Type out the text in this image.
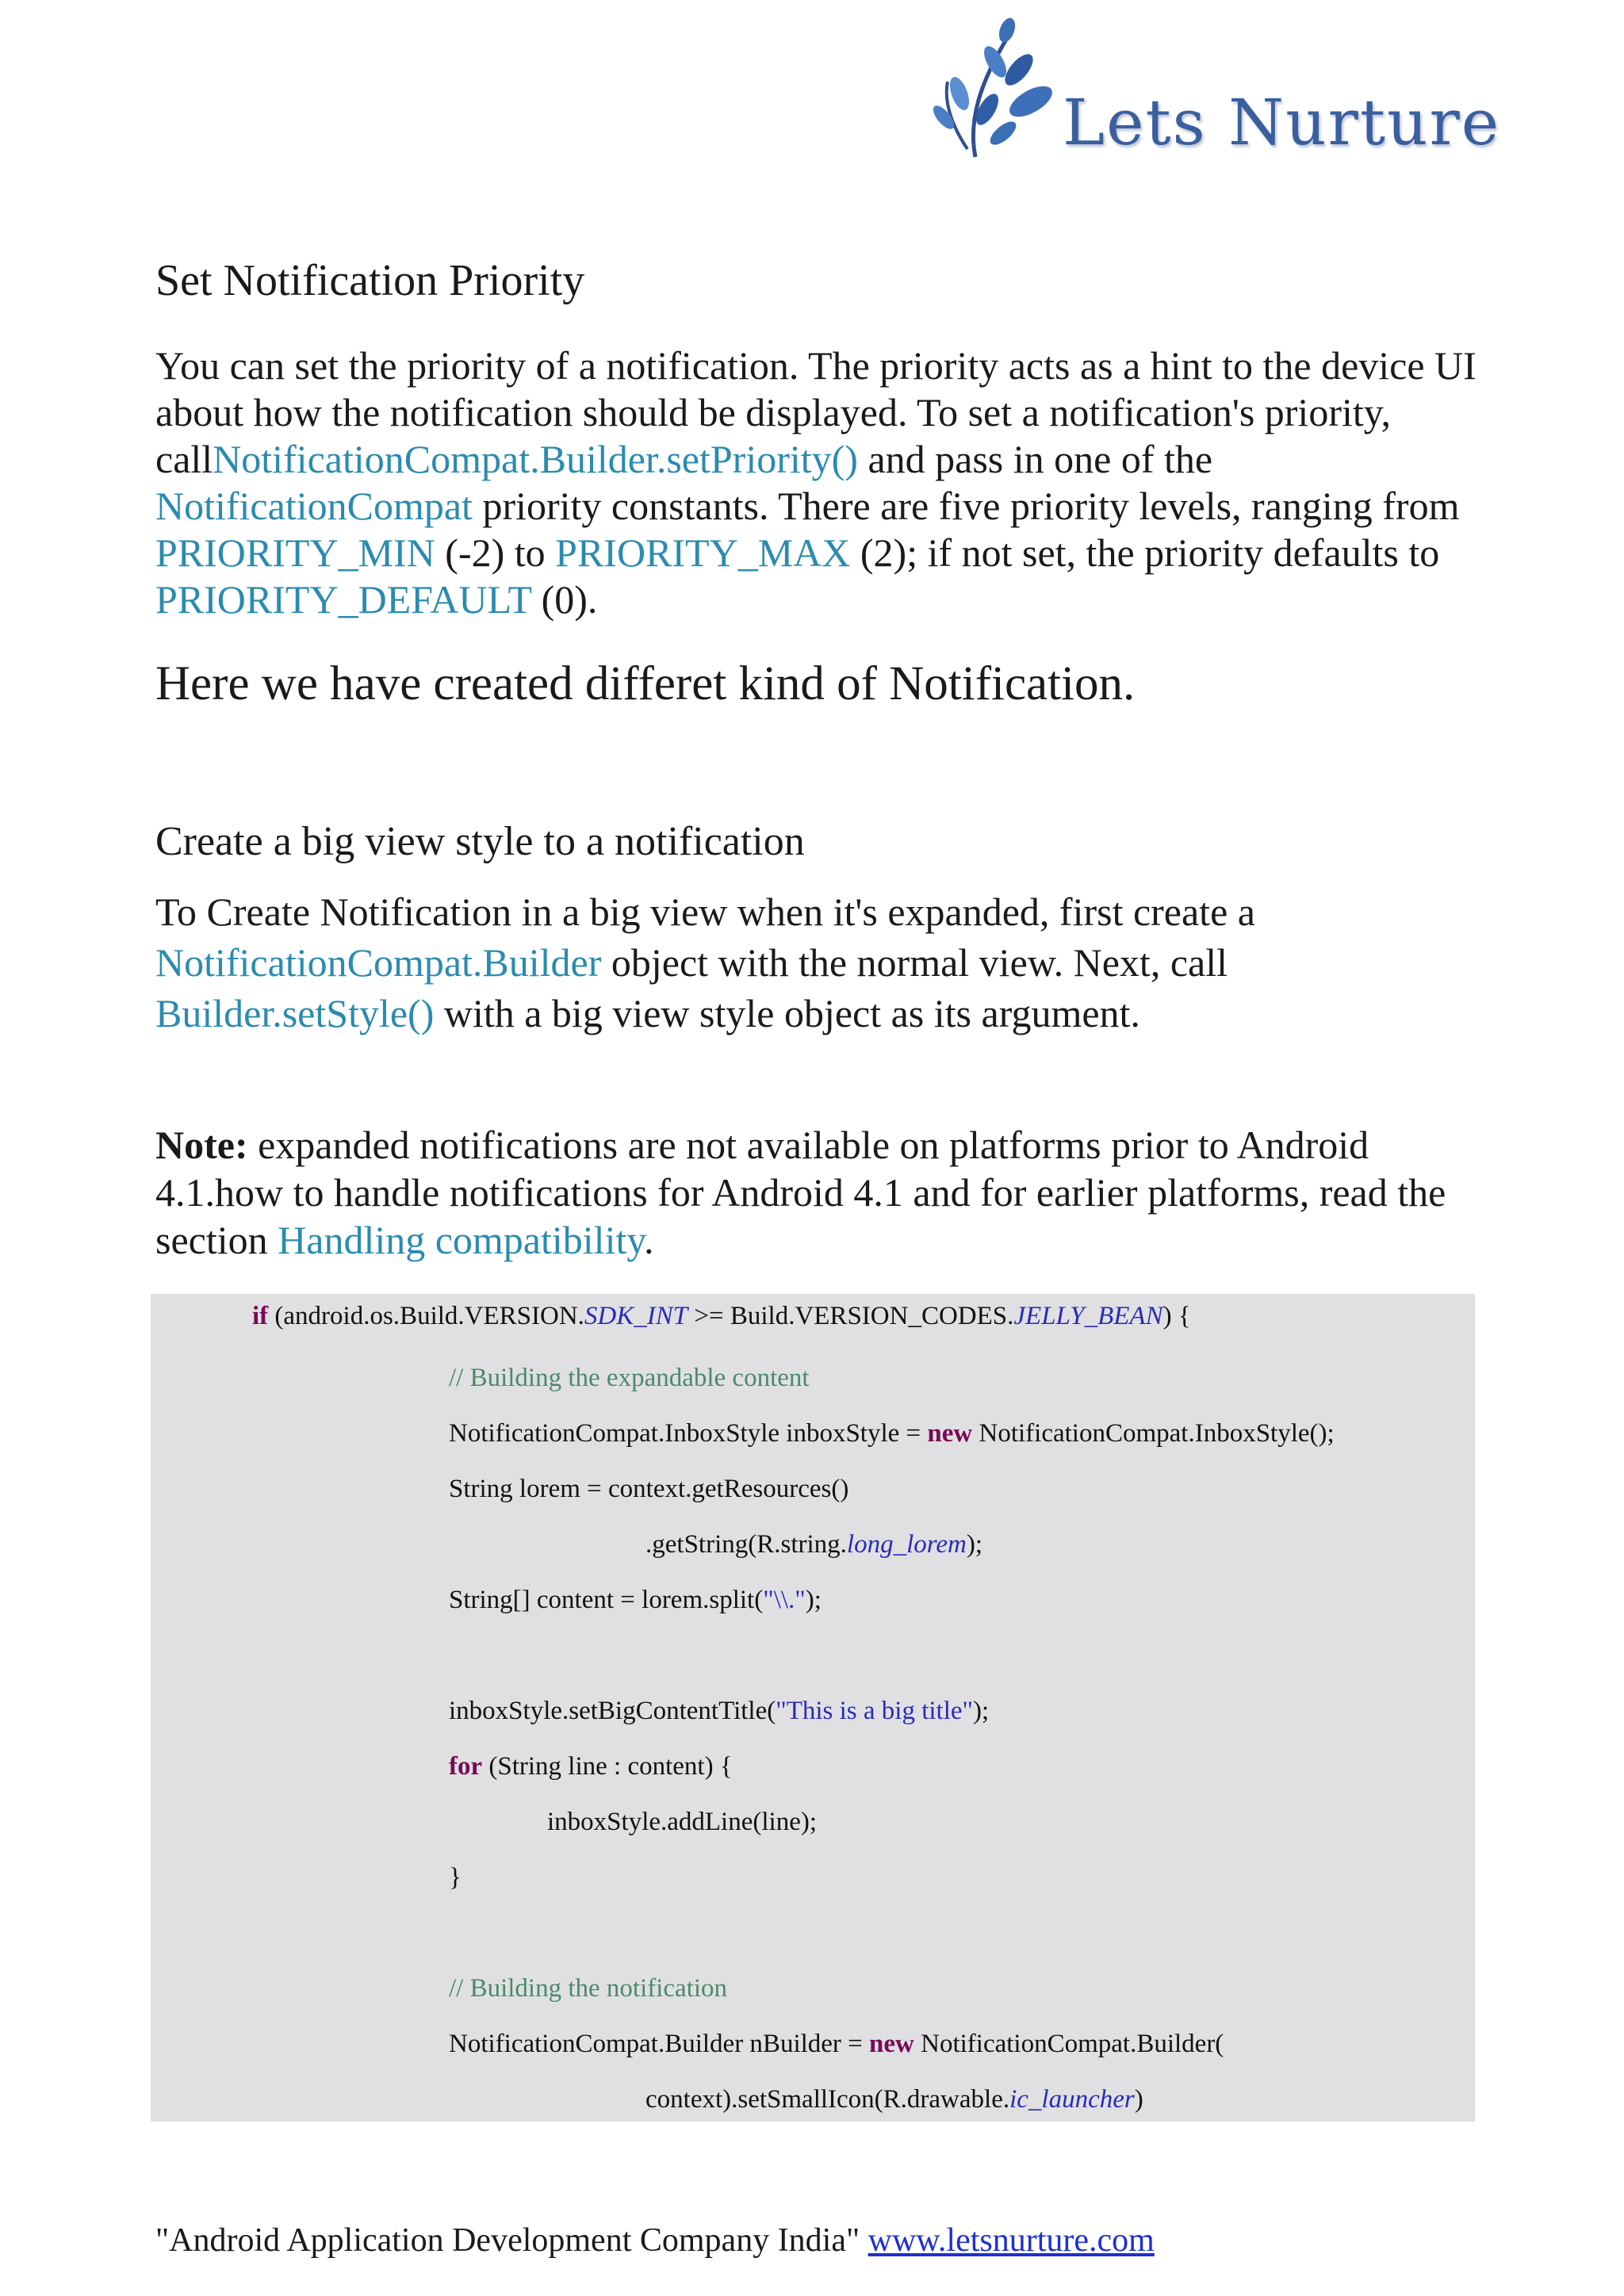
Lets Nurture
Set Notification Priority
You can set the priority of a notification. The priority acts as a hint to the device UI about how the notification should be displayed. To set a notification's priority, callNotificationCompat.Builder.setPriority() and pass in one of the NotificationCompat priority constants. There are five priority levels, ranging from PRIORITY_MIN (-2) to PRIORITY_MAX (2); if not set, the priority defaults to PRIORITY_DEFAULT (0).
Here we have created differet kind of Notification.
Create a big view style to a notification
To Create Notification in a big view when it's expanded, first create a NotificationCompat.Builder object with the normal view. Next, call Builder.setStyle() with a big view style object as its argument.
Note: expanded notifications are not available on platforms prior to Android 4.1.how to handle notifications for Android 4.1 and for earlier platforms, read the section Handling compatibility.
if (android.os.Build.VERSION.SDK_INT >= Build.VERSION_CODES.JELLY_BEAN) {
// Building the expandable content
NotificationCompat.InboxStyle inboxStyle = new NotificationCompat.InboxStyle();
String lorem = context.getResources()
.getString(R.string.long_lorem);
String[] content = lorem.split("\\.");
inboxStyle.setBigContentTitle("This is a big title");
for (String line : content) {
inboxStyle.addLine(line);
}
// Building the notification
NotificationCompat.Builder nBuilder = new NotificationCompat.Builder(
context).setSmallIcon(R.drawable.ic_launcher)
"Android Application Development Company India" www.letsnurture.com
